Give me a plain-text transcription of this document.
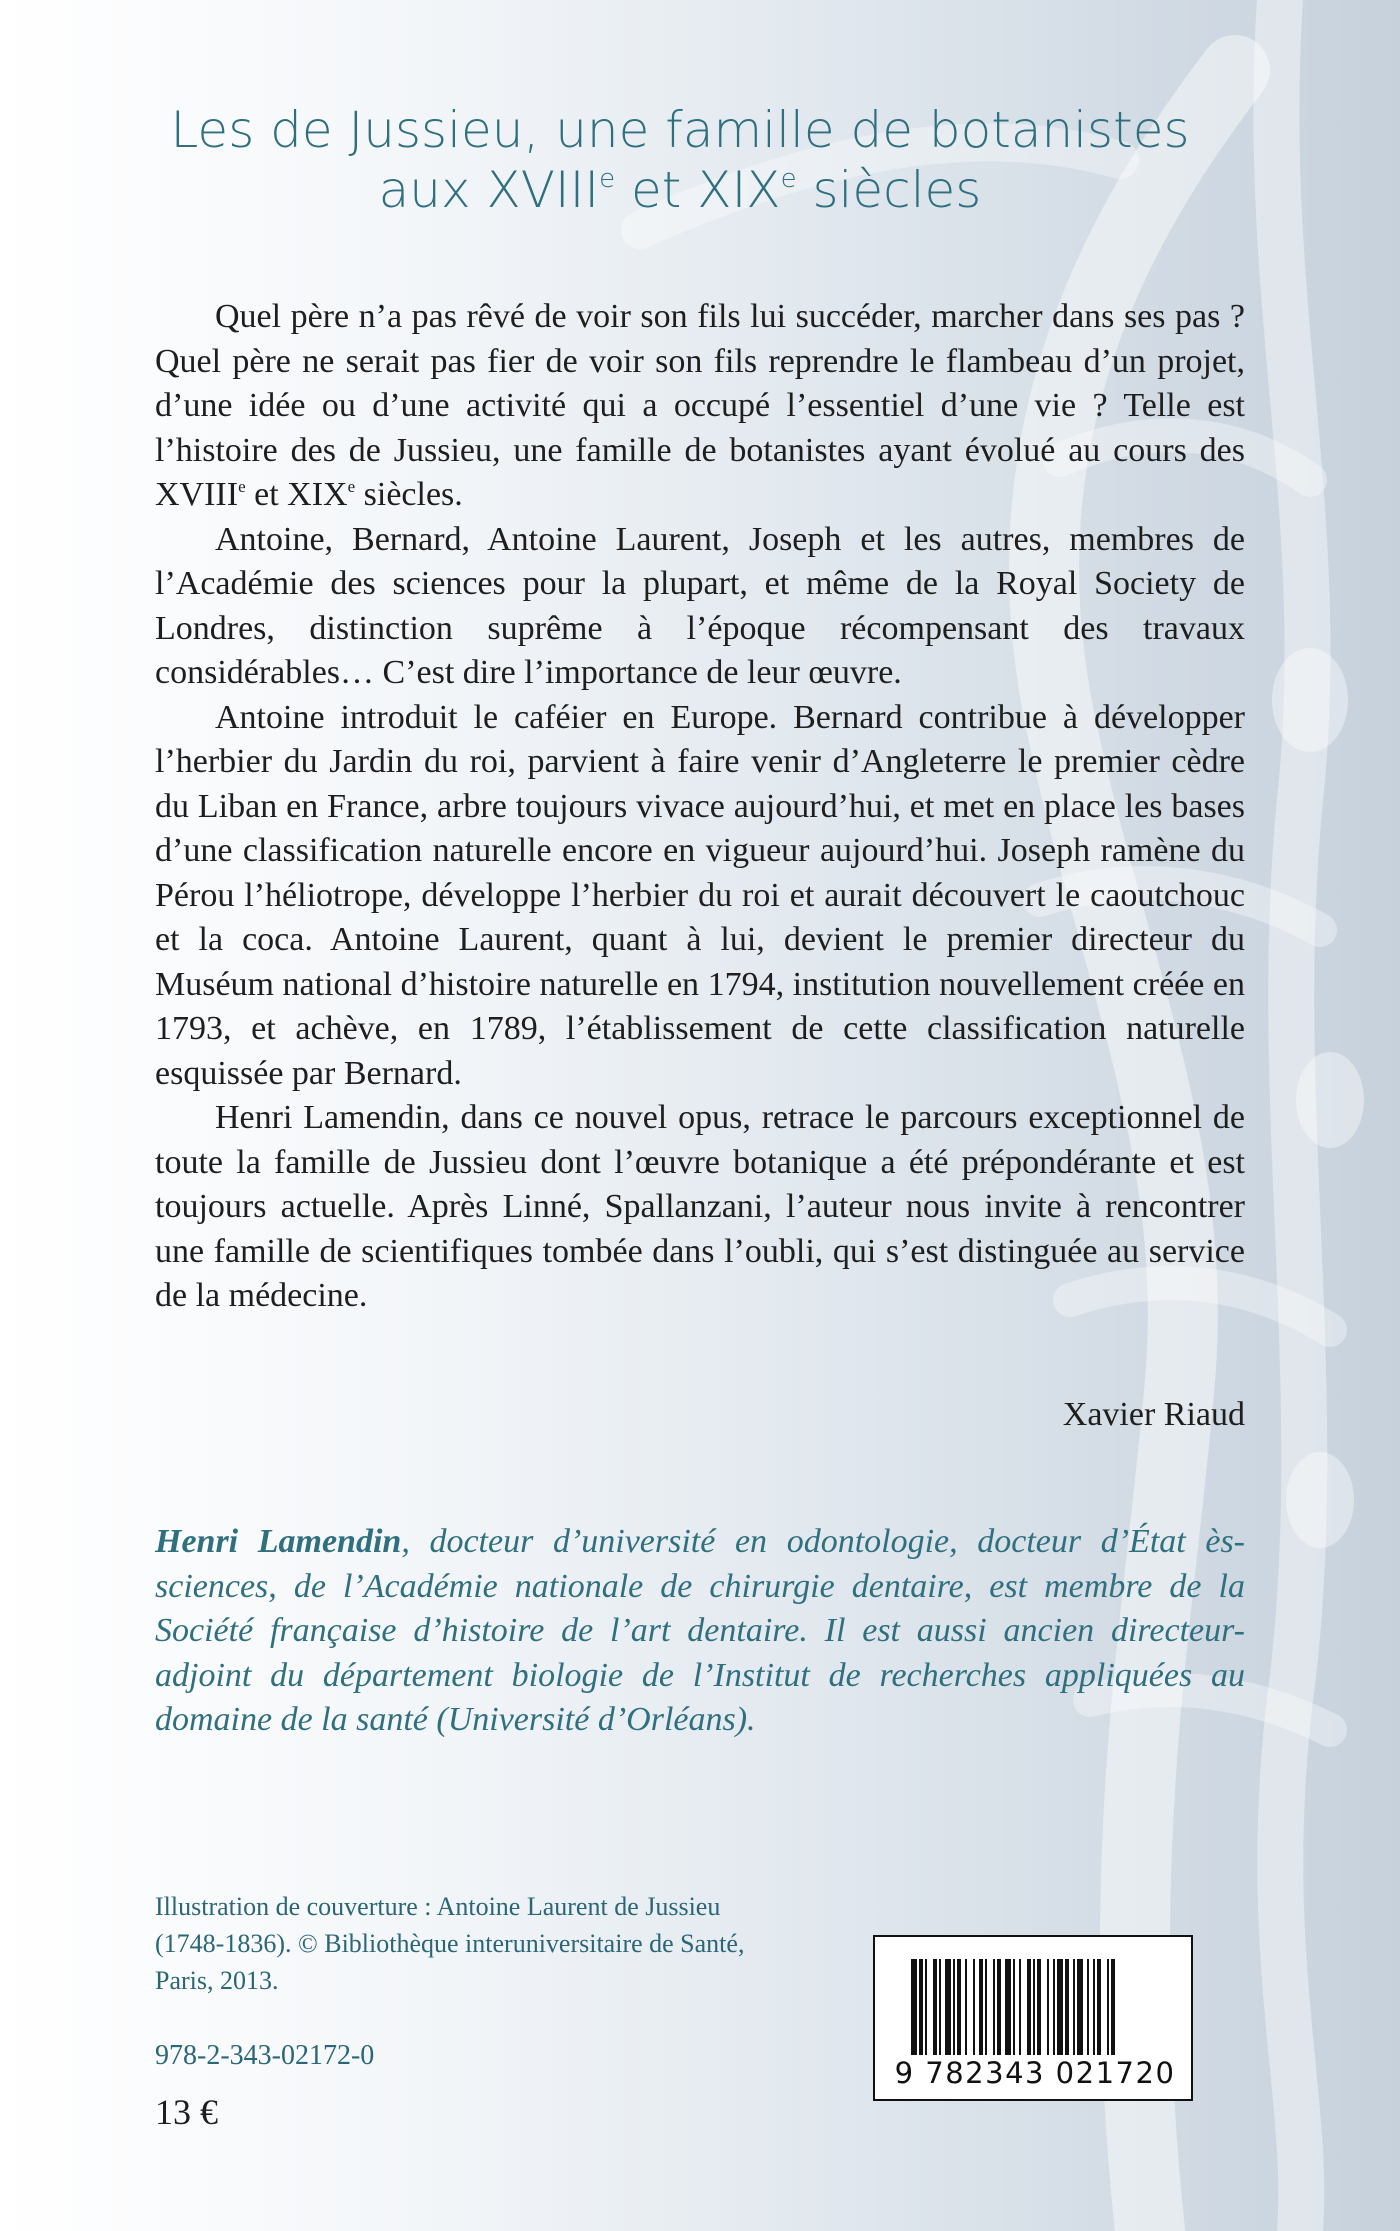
Les de Jussieu, une famille de botanistes
aux XVIIIe et XIXe siècles

Quel père n’a pas rêvé de voir son fils lui succéder, marcher dans ses pas ? Quel père ne serait pas fier de voir son fils reprendre le flambeau d’un projet, d’une idée ou d’une activité qui a occupé l’essentiel d’une vie ? Telle est l’histoire des de Jussieu, une famille de botanistes ayant évolué au cours des XVIIIe et XIXe siècles.

Antoine, Bernard, Antoine Laurent, Joseph et les autres, membres de l’Académie des sciences pour la plupart, et même de la Royal Society de Londres, distinction suprême à l’époque récompensant des travaux considérables… C’est dire l’importance de leur œuvre.

Antoine introduit le caféier en Europe. Bernard contribue à développer l’herbier du Jardin du roi, parvient à faire venir d’Angleterre le premier cèdre du Liban en France, arbre toujours vivace aujourd’hui, et met en place les bases d’une classification naturelle encore en vigueur aujourd’hui. Joseph ramène du Pérou l’héliotrope, développe l’herbier du roi et aurait découvert le caoutchouc et la coca. Antoine Laurent, quant à lui, devient le premier directeur du Muséum national d’histoire naturelle en 1794, institution nouvellement créée en 1793, et achève, en 1789, l’établissement de cette classification naturelle esquissée par Bernard.

Henri Lamendin, dans ce nouvel opus, retrace le parcours exceptionnel de toute la famille de Jussieu dont l’œuvre botanique a été prépondérante et est toujours actuelle. Après Linné, Spallanzani, l’auteur nous invite à rencontrer une famille de scientifiques tombée dans l’oubli, qui s’est distinguée au service de la médecine.

Xavier Riaud

Henri Lamendin, docteur d’université en odontologie, docteur d’État ès-sciences, de l’Académie nationale de chirurgie dentaire, est membre de la Société française d’histoire de l’art dentaire. Il est aussi ancien directeur-adjoint du département biologie de l’Institut de recherches appliquées au domaine de la santé (Université d’Orléans).

Illustration de couverture : Antoine Laurent de Jussieu
(1748-1836). © Bibliothèque interuniversitaire de Santé,
Paris, 2013.
978-2-343-02172-0
13 €
9 782343 021720
